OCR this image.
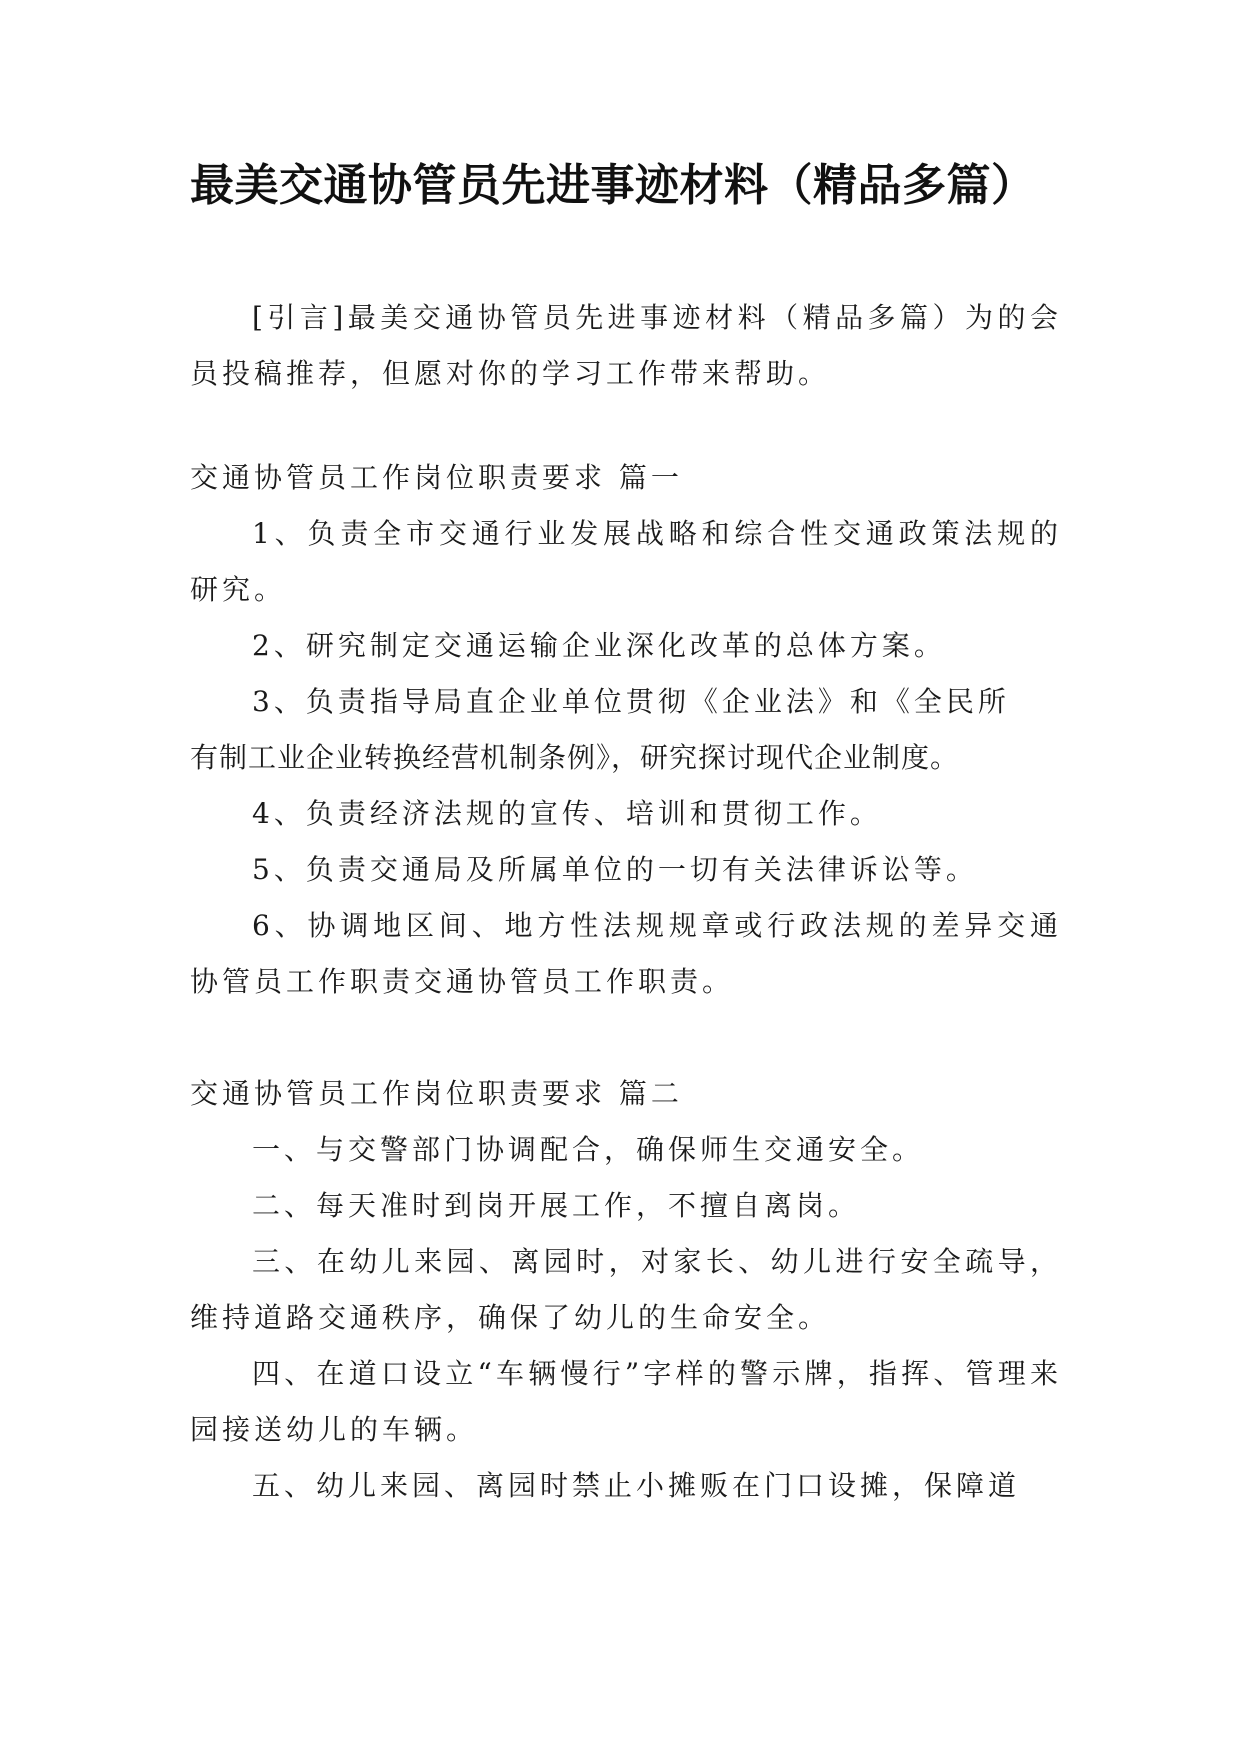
最美交通协管员先进事迹材料（精品多篇）

[引言]最美交通协管员先进事迹材料（精品多篇）为的会员投稿推荐，但愿对你的学习工作带来帮助。

交通协管员工作岗位职责要求 篇一

1、负责全市交通行业发展战略和综合性交通政策法规的研究。

2、研究制定交通运输企业深化改革的总体方案。

3、负责指导局直企业单位贯彻《企业法》和《全民所

有制工业企业转换经营机制条例》，研究探讨现代企业制度。

4、负责经济法规的宣传、培训和贯彻工作。

5、负责交通局及所属单位的一切有关法律诉讼等。

6、协调地区间、地方性法规规章或行政法规的差异交通协管员工作职责交通协管员工作职责。

交通协管员工作岗位职责要求 篇二

一、与交警部门协调配合，确保师生交通安全。

二、每天准时到岗开展工作，不擅自离岗。

三、在幼儿来园、离园时，对家长、幼儿进行安全疏导，维持道路交通秩序，确保了幼儿的生命安全。

四、在道口设立“车辆慢行”字样的警示牌，指挥、管理来园接送幼儿的车辆。

五、幼儿来园、离园时禁止小摊贩在门口设摊，保障道
